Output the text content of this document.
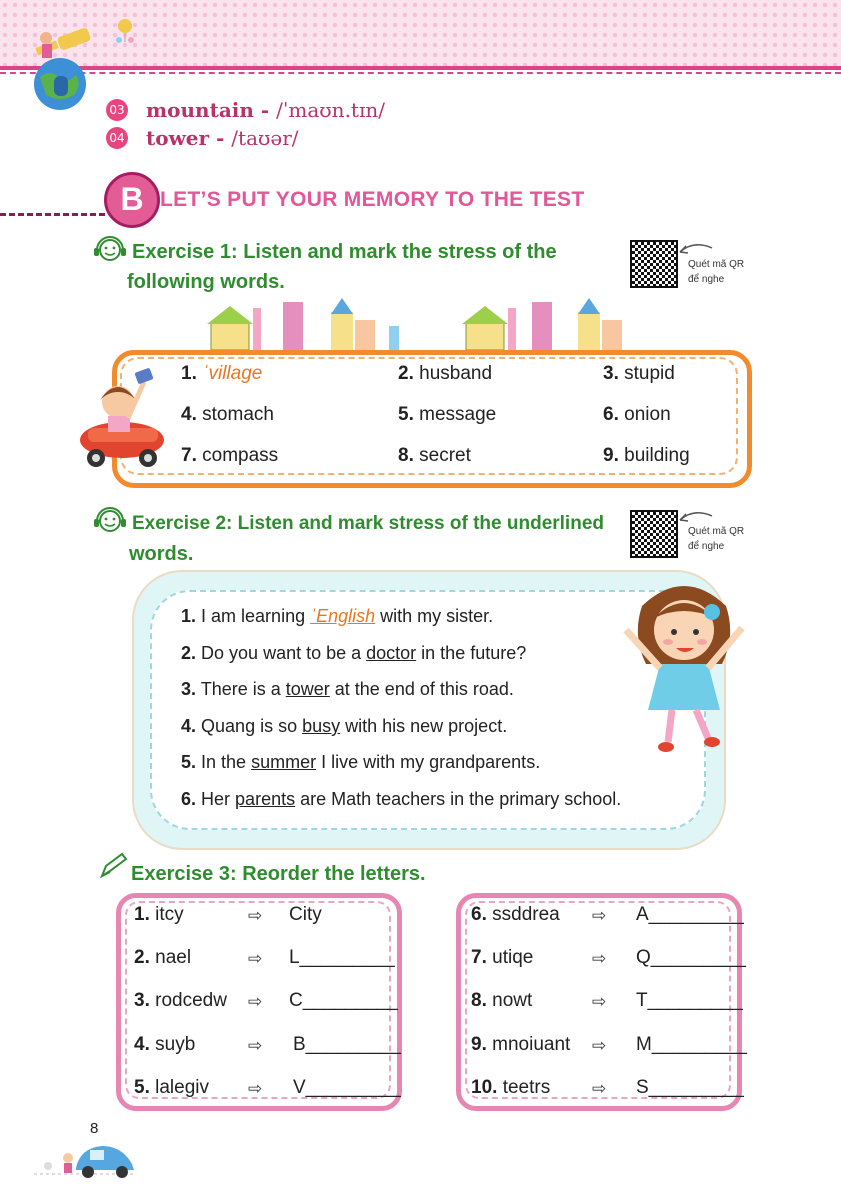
03 mountain - /ˈmaʊn.tɪn/
04 tower - /taʊər/
B LET’S PUT YOUR MEMORY TO THE TEST
Exercise 1: Listen and mark the stress of the
following words.
Quét mã QR
để nghe
1. ˈvillage	2. husband	3. stupid
4. stomach	5. message	6. onion
7. compass	8. secret	9. building
Exercise 2: Listen and mark stress of the underlined
words.
Quét mã QR
để nghe
1. I am learning ˈEnglish with my sister.
2. Do you want to be a doctor in the future?
3. There is a tower at the end of this road.
4. Quang is so busy with his new project.
5. In the summer I live with my grandparents.
6. Her parents are Math teachers in the primary school.
Exercise 3: Reorder the letters.
1. itcy	⇨ City
2. nael	⇨ L_________
3. rodcedw ⇨ C_________
4. suyb	⇨ B_________
5. lalegiv ⇨ V_________
6. ssddrea ⇨ A_________
7. utiqe	⇨ Q_________
8. nowt	⇨ T_________
9. mnoiuant ⇨ M_________
10. teetrs ⇨ S_________
8
